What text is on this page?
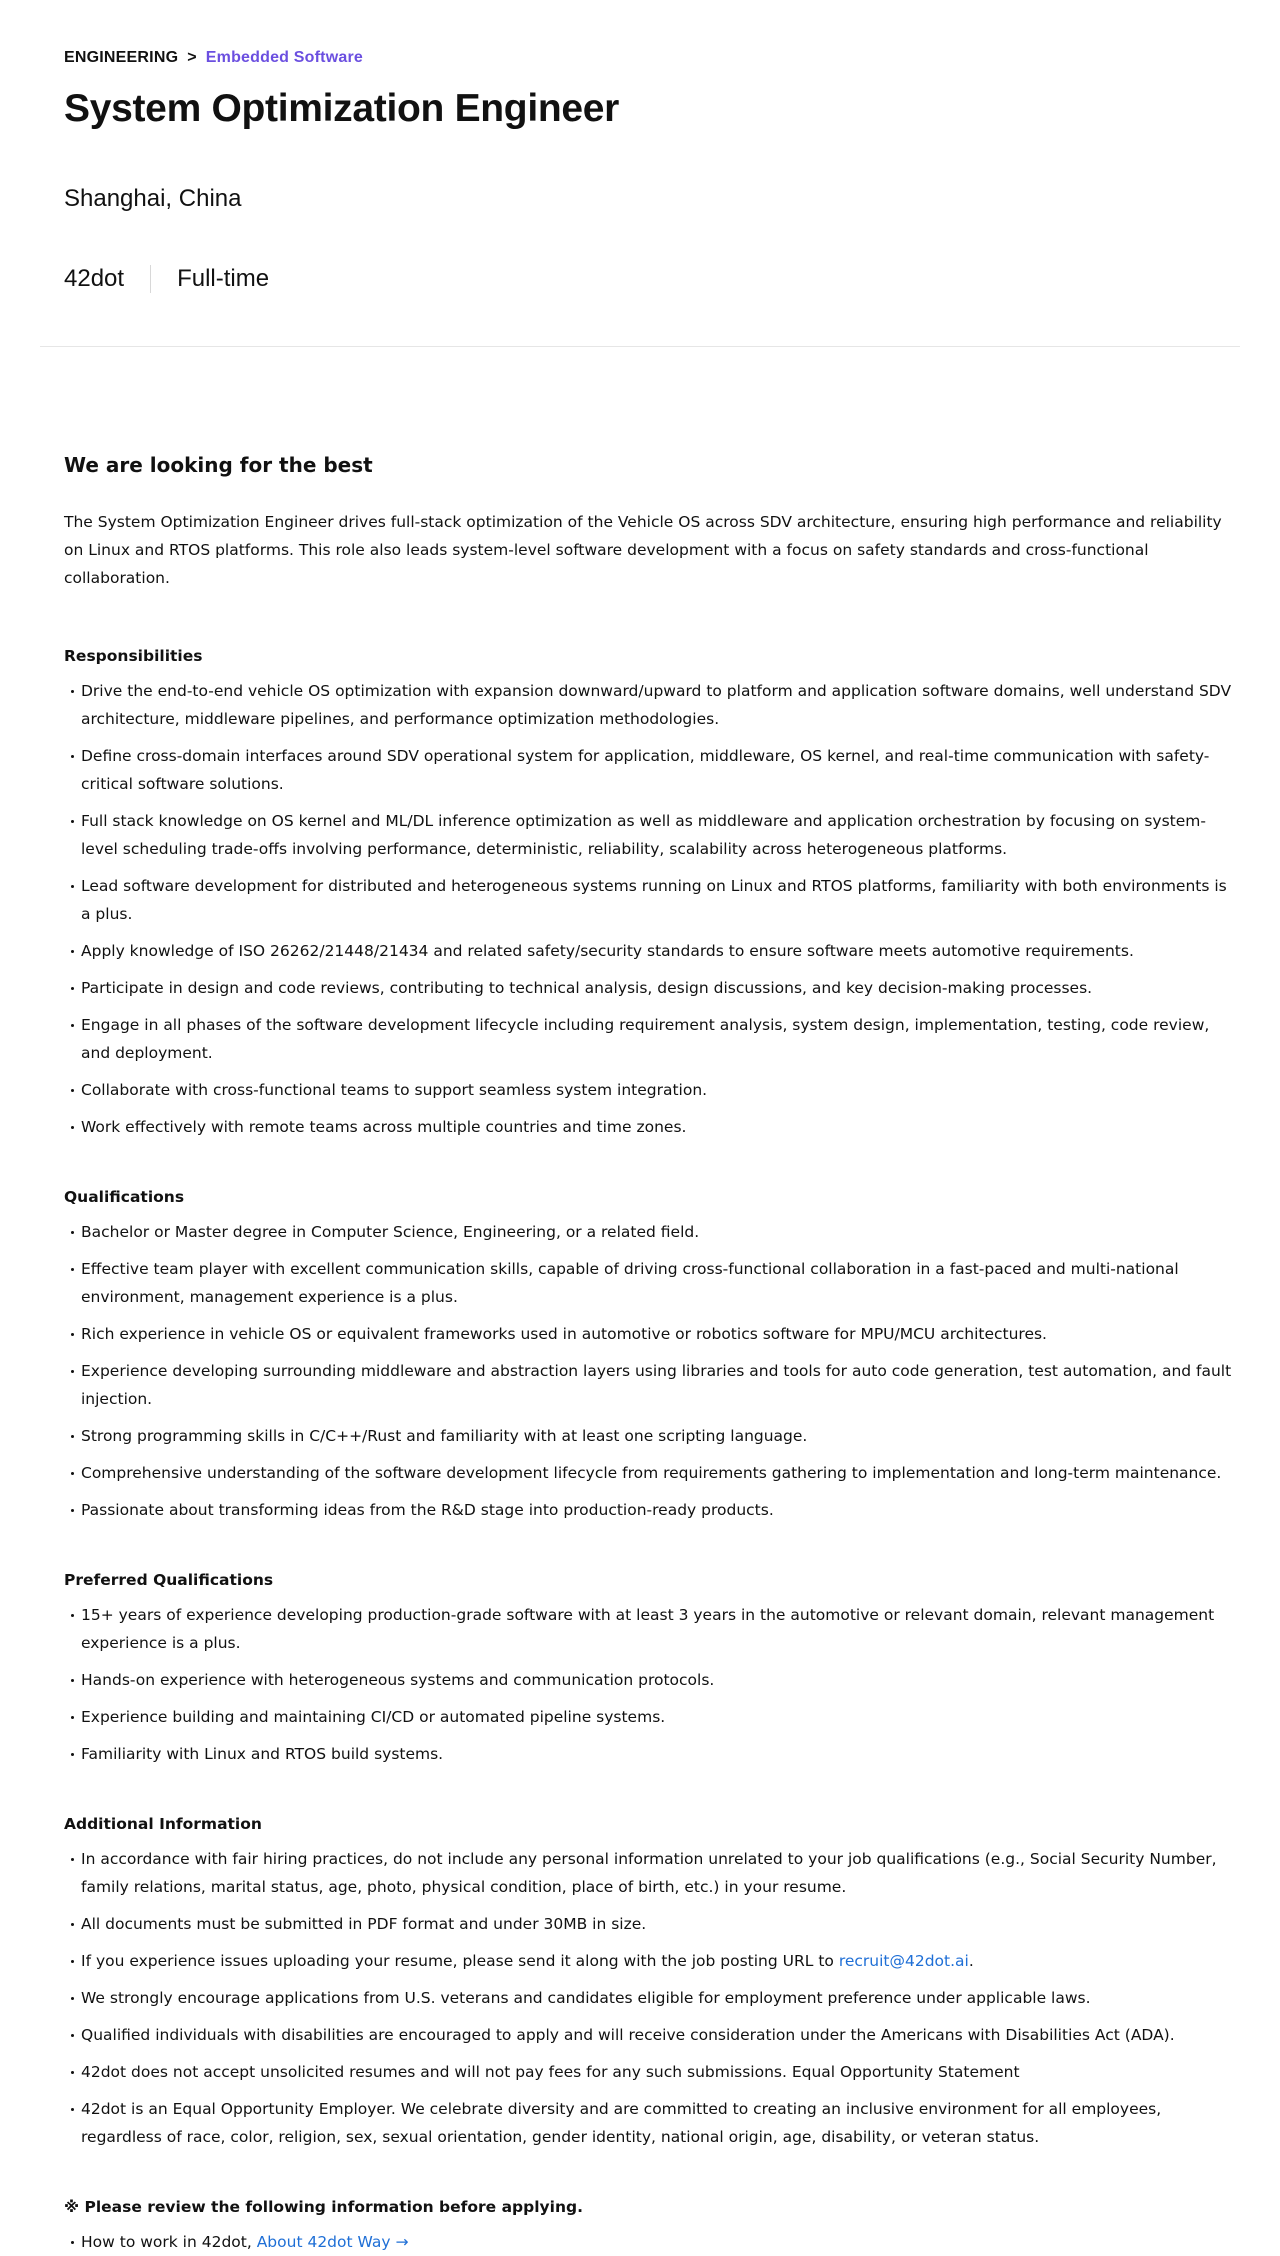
ENGINEERING > Embedded Software
System Optimization Engineer
Shanghai, China
42dot	Full-time
We are looking for the best

The System Optimization Engineer drives full-stack optimization of the Vehicle OS across SDV architecture, ensuring high performance and reliability on Linux and RTOS platforms. This role also leads system-level software development with a focus on safety standards and cross-functional collaboration.

Responsibilities
Drive the end-to-end vehicle OS optimization with expansion downward/upward to platform and application software domains, well understand SDV architecture, middleware pipelines, and performance optimization methodologies.
Define cross-domain interfaces around SDV operational system for application, middleware, OS kernel, and real-time communication with safety-critical software solutions.
Full stack knowledge on OS kernel and ML/DL inference optimization as well as middleware and application orchestration by focusing on system-level scheduling trade-offs involving performance, deterministic, reliability, scalability across heterogeneous platforms.
Lead software development for distributed and heterogeneous systems running on Linux and RTOS platforms, familiarity with both environments is a plus.
Apply knowledge of ISO 26262/21448/21434 and related safety/security standards to ensure software meets automotive requirements.
Participate in design and code reviews, contributing to technical analysis, design discussions, and key decision-making processes.
Engage in all phases of the software development lifecycle including requirement analysis, system design, implementation, testing, code review, and deployment.
Collaborate with cross-functional teams to support seamless system integration.
Work effectively with remote teams across multiple countries and time zones.
Qualifications
Bachelor or Master degree in Computer Science, Engineering, or a related field.
Effective team player with excellent communication skills, capable of driving cross-functional collaboration in a fast-paced and multi-national environment, management experience is a plus.
Rich experience in vehicle OS or equivalent frameworks used in automotive or robotics software for MPU/MCU architectures.
Experience developing surrounding middleware and abstraction layers using libraries and tools for auto code generation, test automation, and fault injection.
Strong programming skills in C/C++/Rust and familiarity with at least one scripting language.
Comprehensive understanding of the software development lifecycle from requirements gathering to implementation and long-term maintenance.
Passionate about transforming ideas from the R&D stage into production-ready products.
Preferred Qualifications
15+ years of experience developing production-grade software with at least 3 years in the automotive or relevant domain, relevant management experience is a plus.
Hands-on experience with heterogeneous systems and communication protocols.
Experience building and maintaining CI/CD or automated pipeline systems.
Familiarity with Linux and RTOS build systems.
Additional Information
In accordance with fair hiring practices, do not include any personal information unrelated to your job qualifications (e.g., Social Security Number, family relations, marital status, age, photo, physical condition, place of birth, etc.) in your resume.
All documents must be submitted in PDF format and under 30MB in size.
If you experience issues uploading your resume, please send it along with the job posting URL to recruit@42dot.ai.
We strongly encourage applications from U.S. veterans and candidates eligible for employment preference under applicable laws.
Qualified individuals with disabilities are encouraged to apply and will receive consideration under the Americans with Disabilities Act (ADA).
42dot does not accept unsolicited resumes and will not pay fees for any such submissions. Equal Opportunity Statement
42dot is an Equal Opportunity Employer. We celebrate diversity and are committed to creating an inclusive environment for all employees, regardless of race, color, religion, sex, sexual orientation, gender identity, national origin, age, disability, or veteran status.
※ Please review the following information before applying.
How to work in 42dot, About 42dot Way →
